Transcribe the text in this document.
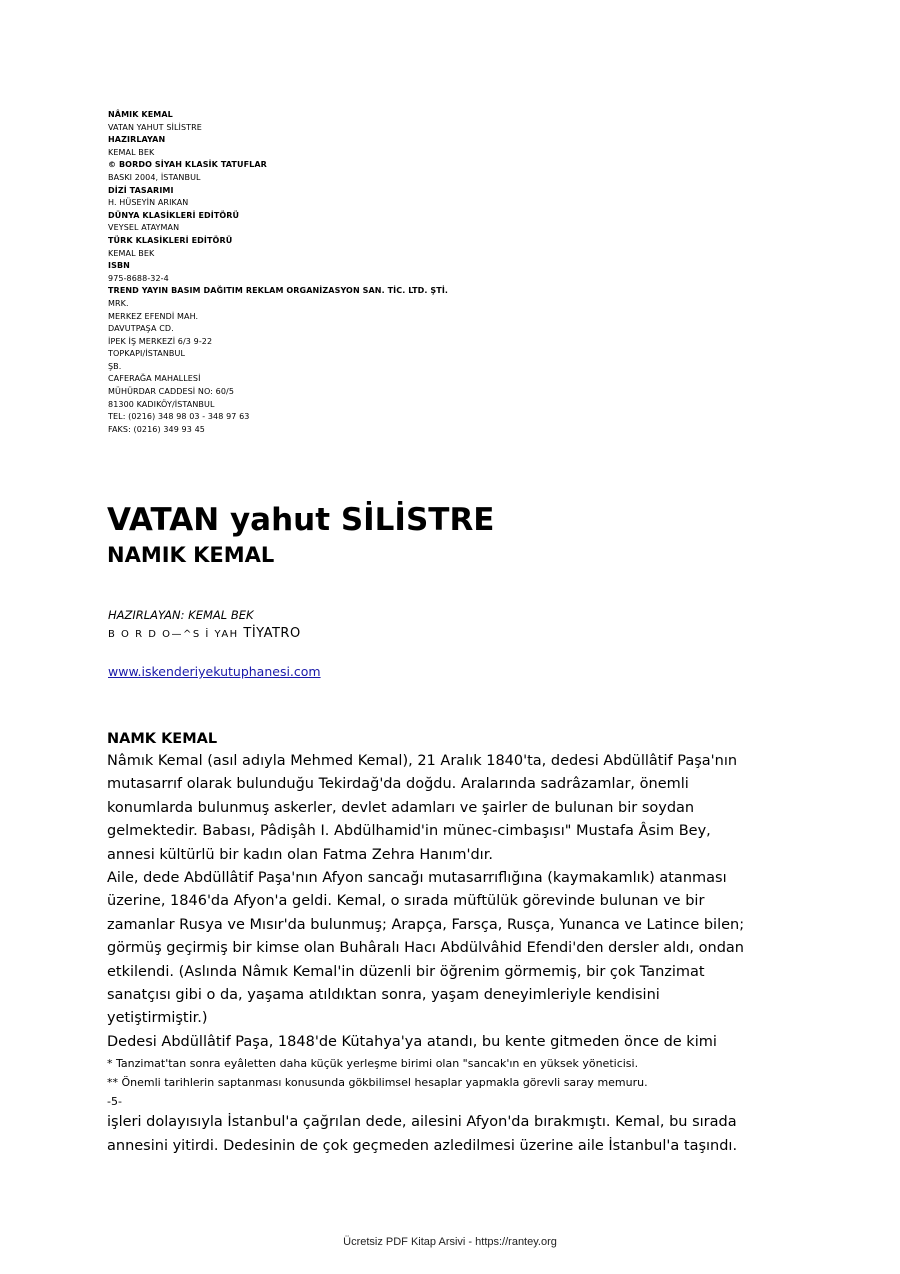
NÂMIK KEMAL
VATAN YAHUT SİLİSTRE
HAZIRLAYAN
KEMAL BEK
© BORDO SİYAH KLASİK TATUFLAR
BASKI 2004, İSTANBUL
DİZİ TASARIMI
H. HÜSEYİN ARIKAN
DÜNYA KLASİKLERİ EDİTÖRÜ
VEYSEL ATAYMAN
TÜRK KLASİKLERİ EDİTÖRÜ
KEMAL BEK
ISBN
975-8688-32-4
TREND YAYIN BASIM DAĞITIM REKLAM ORGANİZASYON SAN. TİC. LTD. ŞTİ.
MRK.
MERKEZ EFENDİ MAH.
DAVUTPAŞA CD.
İPEK İŞ MERKEZİ 6/3 9-22
TOPKAPI/İSTANBUL
ŞB.
CAFERAĞA MAHALLESİ
MÜHÜRDAR CADDESİ NO: 60/5
81300 KADIKÖY/İSTANBUL
TEL: (0216) 348 98 03 - 348 97 63
FAKS: (0216) 349 93 45
VATAN yahut SİLİSTRE
NAMIK KEMAL
HAZIRLAYAN: KEMAL BEK
B O R D O—^S İ YAH TİYATRO
www.iskenderiyekutuphanesi.com
NAMK KEMAL

Nâmık Kemal (asıl adıyla Mehmed Kemal), 21 Aralık 1840'ta, dedesi Abdüllâtif Paşa'nın

mutasarrıf olarak bulunduğu Tekirdağ'da doğdu. Aralarında sadrâzamlar, önemli

konumlarda bulunmuş askerler, devlet adamları ve şairler de bulunan bir soydan

gelmektedir. Babası, Pâdişâh I. Abdülhamid'in münec-cimbaşısı" Mustafa Âsim Bey,

annesi kültürlü bir kadın olan Fatma Zehra Hanım'dır.

Aile, dede Abdüllâtif Paşa'nın Afyon sancağı mutasarrıflığına (kaymakamlık) atanması

üzerine, 1846'da Afyon'a geldi. Kemal, o sırada müftülük görevinde bulunan ve bir

zamanlar Rusya ve Mısır'da bulunmuş; Arapça, Farsça, Rusça, Yunanca ve Latince bilen;

görmüş geçirmiş bir kimse olan Buhâralı Hacı Abdülvâhid Efendi'den dersler aldı, ondan

etkilendi. (Aslında Nâmık Kemal'in düzenli bir öğrenim görmemiş, bir çok Tanzimat

sanatçısı gibi o da, yaşama atıldıktan sonra, yaşam deneyimleriyle kendisini

yetiştirmiştir.)

Dedesi Abdüllâtif Paşa, 1848'de Kütahya'ya atandı, bu kente gitmeden önce de kimi

* Tanzimat'tan sonra eyâletten daha küçük yerleşme birimi olan "sancak'ın en yüksek yöneticisi.

** Önemli tarihlerin saptanması konusunda gökbilimsel hesaplar yapmakla görevli saray memuru.

-5-

işleri dolayısıyla İstanbul'a çağrılan dede, ailesini Afyon'da bırakmıştı. Kemal, bu sırada

annesini yitirdi. Dedesinin de çok geçmeden azledilmesi üzerine aile İstanbul'a taşındı.

Ücretsiz PDF Kitap Arsivi - https://rantey.org
